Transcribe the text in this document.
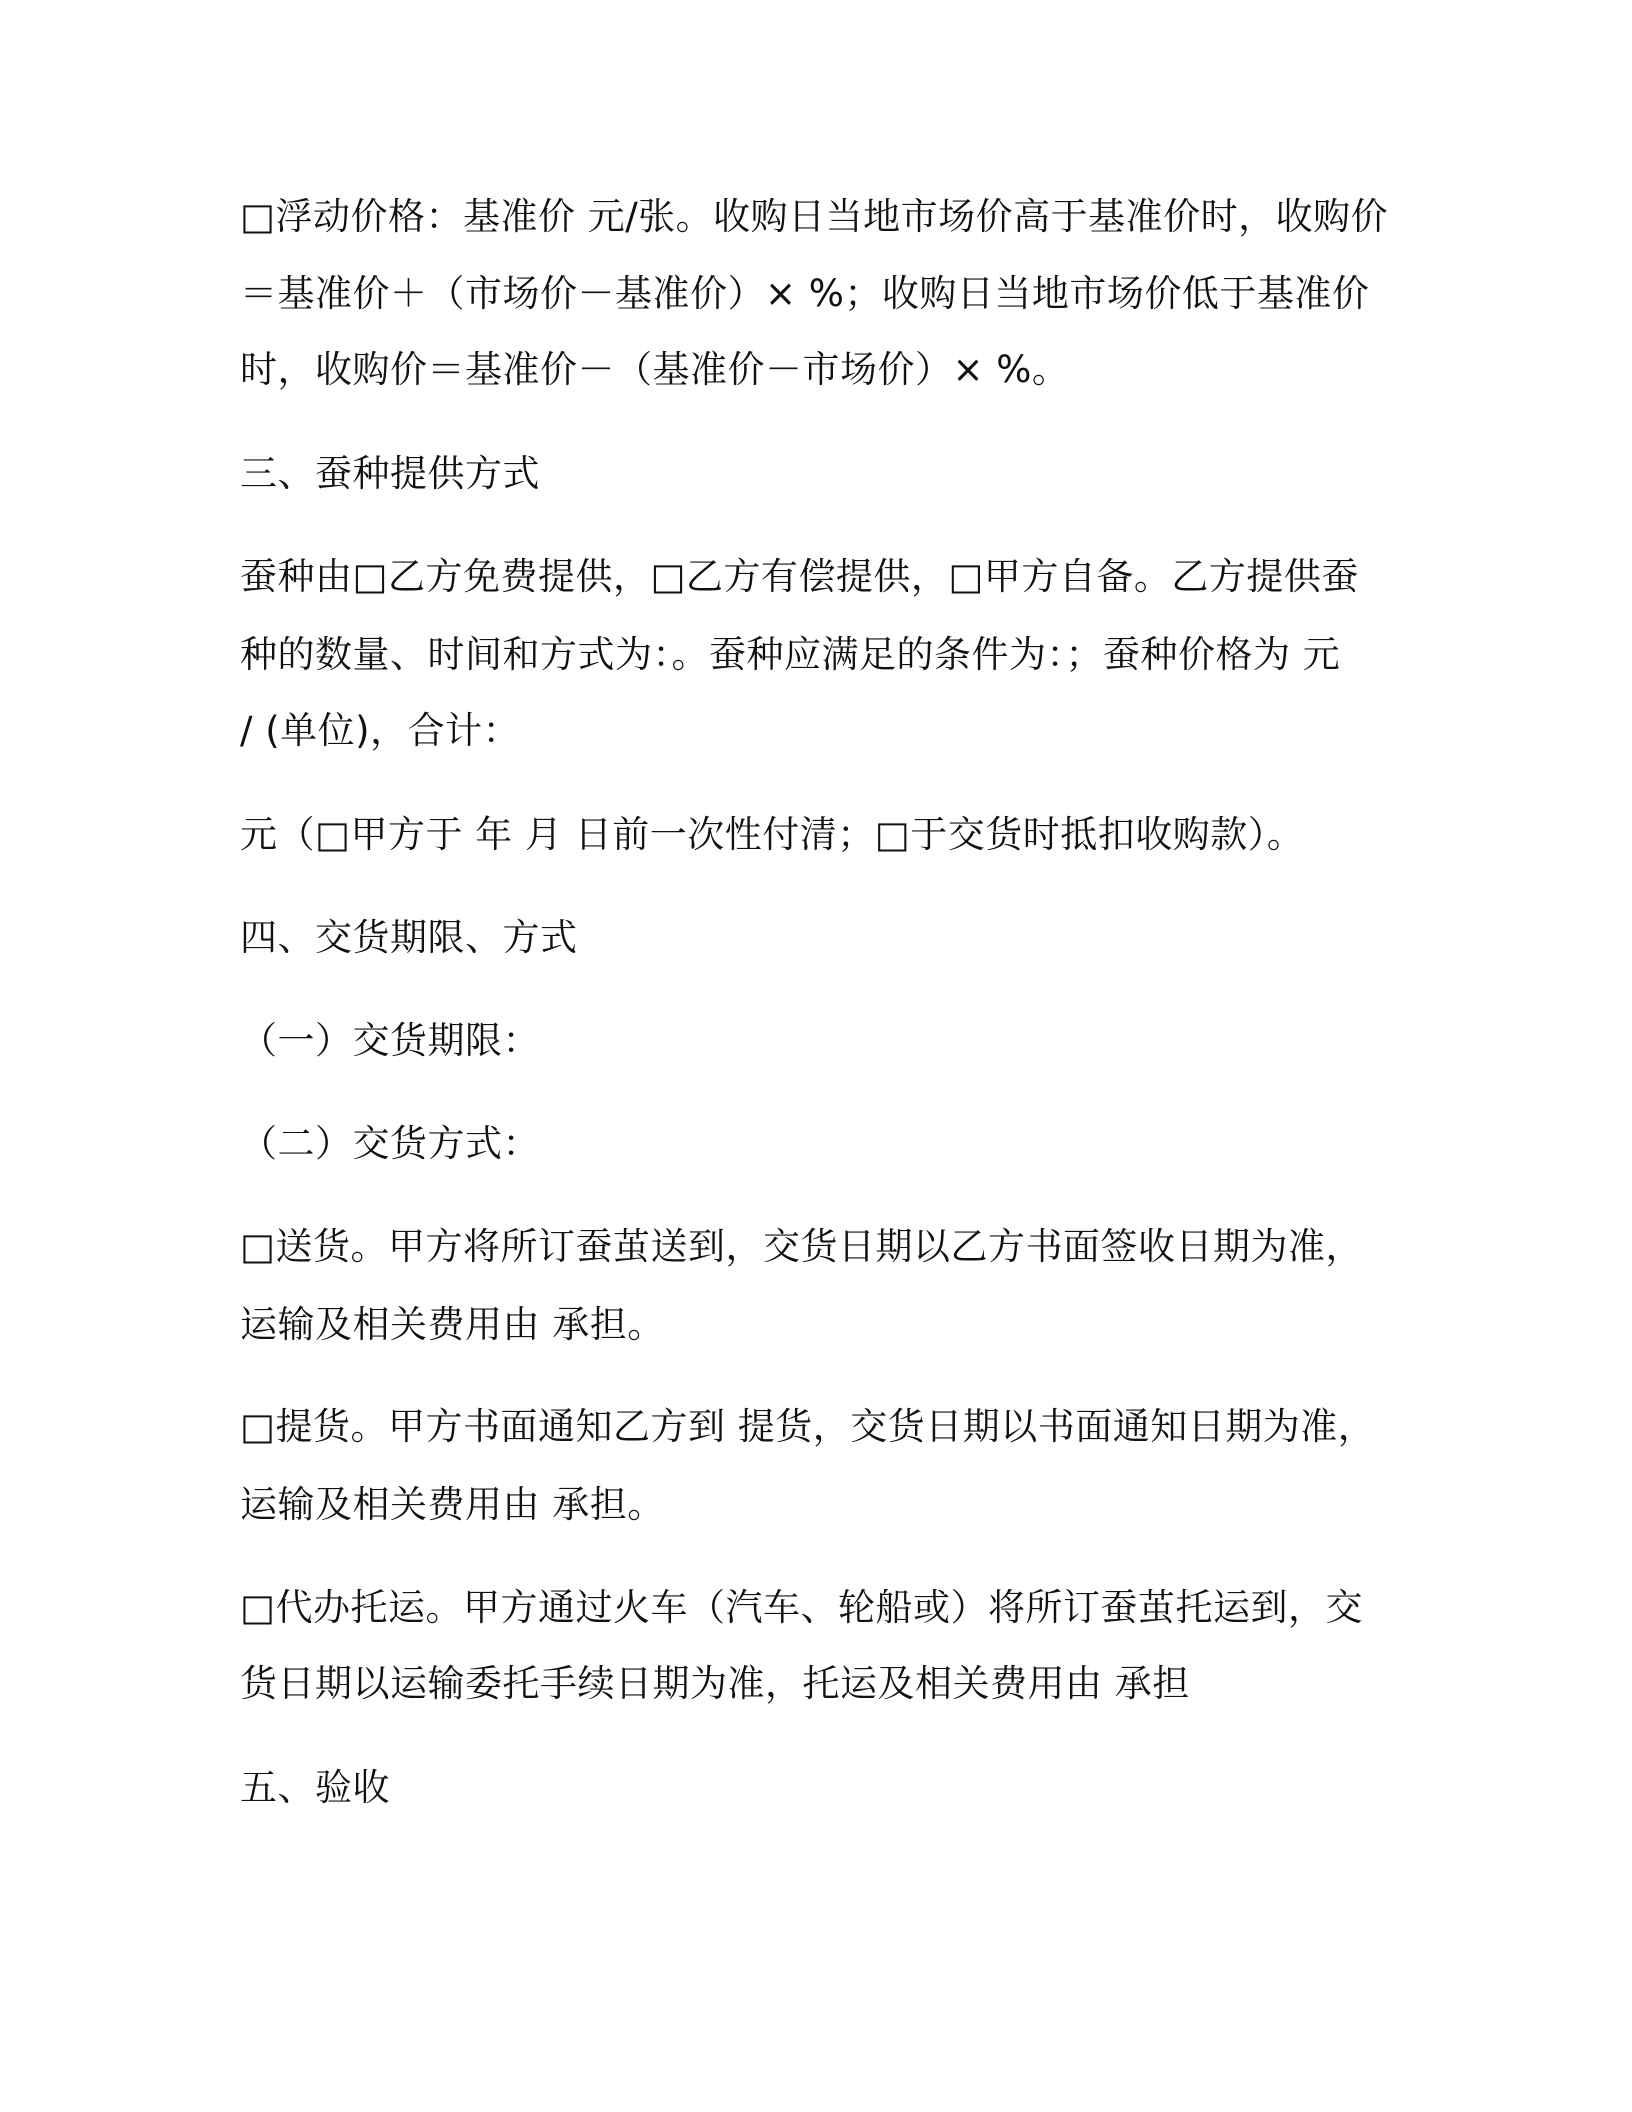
□浮动价格：基准价 元/张。收购日当地市场价高于基准价时，收购价
＝基准价＋（市场价－基准价）× %；收购日当地市场价低于基准价
时，收购价＝基准价－（基准价－市场价）× %。
三、蚕种提供方式
蚕种由□乙方免费提供，□乙方有偿提供，□甲方自备。乙方提供蚕
种的数量、时间和方式为：。蚕种应满足的条件为：；蚕种价格为 元
/ (单位)，合计：
元（□甲方于 年 月 日前一次性付清；□于交货时抵扣收购款）。
四、交货期限、方式
（一）交货期限：
（二）交货方式：
□送货。甲方将所订蚕茧送到，交货日期以乙方书面签收日期为准，
运输及相关费用由 承担。
□提货。甲方书面通知乙方到 提货，交货日期以书面通知日期为准，
运输及相关费用由 承担。
□代办托运。甲方通过火车（汽车、轮船或）将所订蚕茧托运到，交
货日期以运输委托手续日期为准，托运及相关费用由 承担
五、验收
